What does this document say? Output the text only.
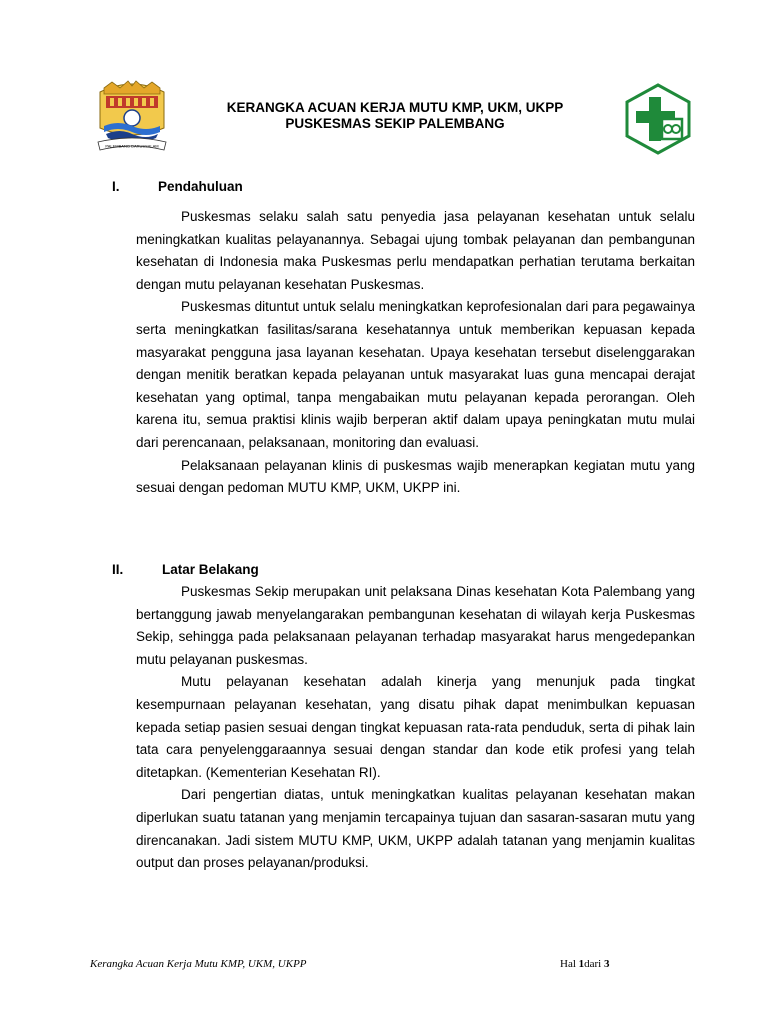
PALEMBANG DARUSSALAM
KERANGKA ACUAN KERJA MUTU KMP, UKM, UKPP
PUSKESMAS SEKIP PALEMBANG
I.	Pendahuluan

Puskesmas selaku salah satu penyedia jasa pelayanan kesehatan untuk selalu meningkatkan kualitas pelayanannya. Sebagai ujung tombak pelayanan dan pembangunan kesehatan di Indonesia maka Puskesmas perlu mendapatkan perhatian terutama berkaitan dengan mutu pelayanan kesehatan Puskesmas.

Puskesmas dituntut untuk selalu meningkatkan keprofesionalan dari para pegawainya serta meningkatkan fasilitas/sarana kesehatannya untuk memberikan kepuasan kepada masyarakat pengguna jasa layanan kesehatan. Upaya kesehatan tersebut diselenggarakan dengan menitik beratkan kepada pelayanan untuk masyarakat luas guna mencapai derajat kesehatan yang optimal, tanpa mengabaikan mutu pelayanan kepada perorangan. Oleh karena itu, semua praktisi klinis wajib berperan aktif dalam upaya peningkatan mutu mulai dari perencanaan, pelaksanaan, monitoring dan evaluasi.

Pelaksanaan pelayanan klinis di puskesmas wajib menerapkan kegiatan mutu yang sesuai dengan pedoman MUTU KMP, UKM, UKPP ini.

II.	Latar Belakang

Puskesmas Sekip merupakan unit pelaksana Dinas kesehatan Kota Palembang yang bertanggung jawab menyelangarakan pembangunan kesehatan di wilayah kerja Puskesmas Sekip, sehingga pada pelaksanaan pelayanan terhadap masyarakat harus mengedepankan mutu pelayanan puskesmas.

Mutu pelayanan kesehatan adalah kinerja yang menunjuk pada tingkat kesempurnaan pelayanan kesehatan, yang disatu pihak dapat menimbulkan kepuasan kepada setiap pasien sesuai dengan tingkat kepuasan rata-rata penduduk, serta di pihak lain tata cara penyelenggaraannya sesuai dengan standar dan kode etik profesi yang telah ditetapkan. (Kementerian Kesehatan RI).

Dari pengertian diatas, untuk meningkatkan kualitas pelayanan kesehatan makan diperlukan suatu tatanan yang menjamin tercapainya tujuan dan sasaran-sasaran mutu yang direncanakan. Jadi sistem MUTU KMP, UKM, UKPP adalah tatanan yang menjamin kualitas output dan proses pelayanan/produksi.

Kerangka Acuan Kerja Mutu KMP, UKM, UKPP	Hal 1dari 3
